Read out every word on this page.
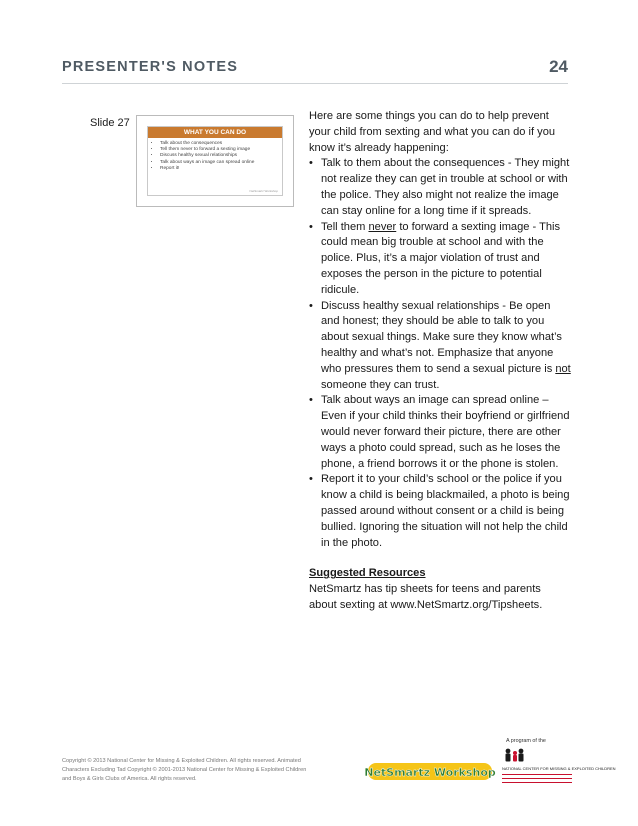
PRESENTER'S NOTES	24
Slide 27
WHAT YOU CAN DO
• Talk about the consequences
• Tell them never to forward a sexting image
• Discuss healthy sexual relationships
• Talk about ways an image can spread online
• Report it!
NetSmartz Workshop

Here are some things you can do to help prevent your child from sexting and what you can do if you know it’s already happening:

• Talk to them about the consequences - They might not realize they can get in trouble at school or with the police. They also might not realize the image can stay online for a long time if it spreads.
• Tell them never to forward a sexting image - This could mean big trouble at school and with the police. Plus, it’s a major violation of trust and exposes the person in the picture to potential ridicule.
• Discuss healthy sexual relationships - Be open and honest; they should be able to talk to you about sexual things. Make sure they know what’s healthy and what’s not. Emphasize that anyone who pressures them to send a sexual picture is not someone they can trust.
• Talk about ways an image can spread online – Even if your child thinks their boyfriend or girlfriend would never forward their picture, there are other ways a photo could spread, such as he loses the phone, a friend borrows it or the phone is stolen.
• Report it to your child’s school or the police if you know a child is being blackmailed, a photo is being passed around without consent or a child is being bullied. Ignoring the situation will not help the child in the photo.

Suggested Resources

NetSmartz has tip sheets for teens and parents about sexting at www.NetSmartz.org/Tipsheets.

Copyright © 2013 National Center for Missing & Exploited Children. All rights reserved. Animated Characters Excluding Tad Copyright © 2001-2013 National Center for Missing & Exploited Children and Boys & Girls Clubs of America. All rights reserved.	NetSmartz Workshop
A program of the
NATIONAL CENTER FOR MISSING & EXPLOITED CHILDREN
